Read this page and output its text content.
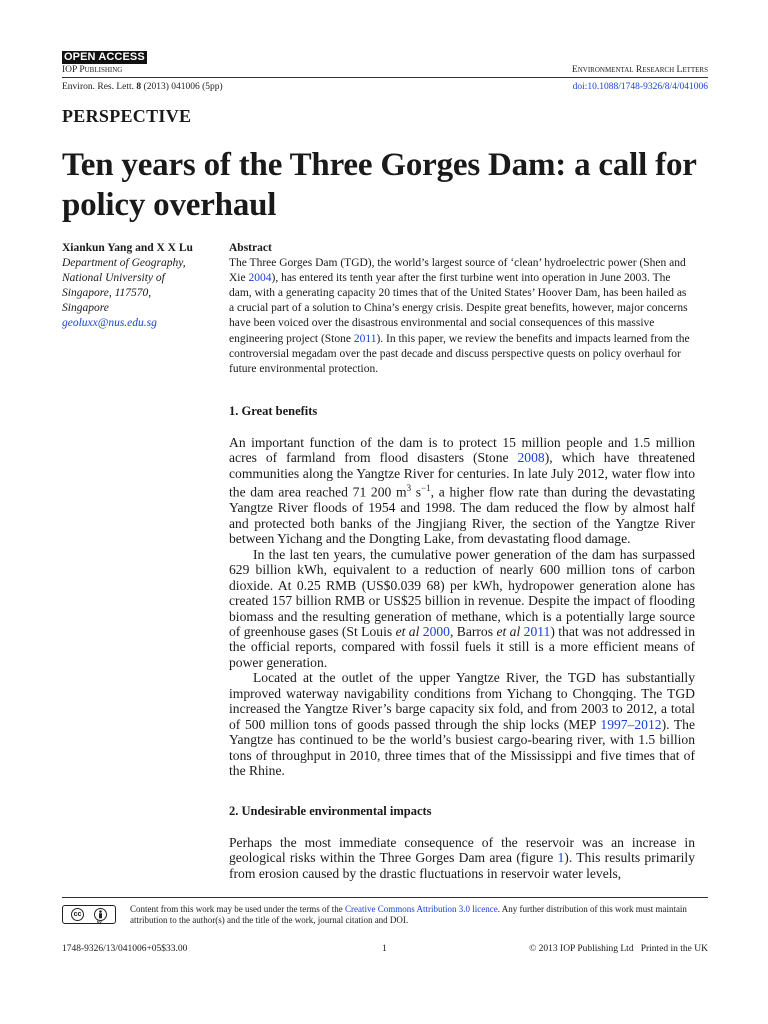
OPEN ACCESS
IOP Publishing	Environmental Research Letters
Environ. Res. Lett. 8 (2013) 041006 (5pp)	doi:10.1088/1748-9326/8/4/041006
PERSPECTIVE
Ten years of the Three Gorges Dam: a call for policy overhaul
Xiankun Yang and X X Lu
Department of Geography,
National University of
Singapore, 117570,
Singapore
geoluxx@nus.edu.sg
Abstract
The Three Gorges Dam (TGD), the world’s largest source of ‘clean’ hydroelectric power (Shen and Xie 2004), has entered its tenth year after the first turbine went into operation in June 2003. The dam, with a generating capacity 20 times that of the United States’ Hoover Dam, has been hailed as a crucial part of a solution to China’s energy crisis. Despite great benefits, however, major concerns have been voiced over the disastrous environmental and social consequences of this massive engineering project (Stone 2011). In this paper, we review the benefits and impacts learned from the controversial megadam over the past decade and discuss perspective quests on policy overhaul for future environmental protection.
1. Great benefits

An important function of the dam is to protect 15 million people and 1.5 million acres of farmland from flood disasters (Stone 2008), which have threatened communities along the Yangtze River for centuries. In late July 2012, water flow into the dam area reached 71 200 $m^3$ $s^{-1}$, a higher flow rate than during the devastating Yangtze River floods of 1954 and 1998. The dam reduced the flow by almost half and protected both banks of the Jingjiang River, the section of the Yangtze River between Yichang and the Dongting Lake, from devastating flood damage.

In the last ten years, the cumulative power generation of the dam has surpassed 629 billion kWh, equivalent to a reduction of nearly 600 million tons of carbon dioxide. At 0.25 RMB (US$0.039 68) per kWh, hydropower generation alone has created 157 billion RMB or US$25 billion in revenue. Despite the impact of flooding biomass and the resulting generation of methane, which is a potentially large source of greenhouse gases (St Louis et al 2000, Barros et al 2011) that was not addressed in the official reports, compared with fossil fuels it still is a more efficient means of power generation.

Located at the outlet of the upper Yangtze River, the TGD has substantially improved waterway navigability conditions from Yichang to Chongqing. The TGD increased the Yangtze River’s barge capacity six fold, and from 2003 to 2012, a total of 500 million tons of goods passed through the ship locks (MEP 1997–2012). The Yangtze has continued to be the world’s busiest cargo-bearing river, with 1.5 billion tons of throughput in 2010, three times that of the Mississippi and five times that of the Rhine.

2. Undesirable environmental impacts

Perhaps the most immediate consequence of the reservoir was an increase in geological risks within the Three Gorges Dam area (figure 1). This results primarily from erosion caused by the drastic fluctuations in reservoir water levels,

cc
by
Content from this work may be used under the terms of the Creative Commons Attribution 3.0 licence. Any further distribution of this work must maintain attribution to the author(s) and the title of the work, journal citation and DOI.
1748-9326/13/041006+05$33.00	1	© 2013 IOP Publishing Ltd   Printed in the UK
